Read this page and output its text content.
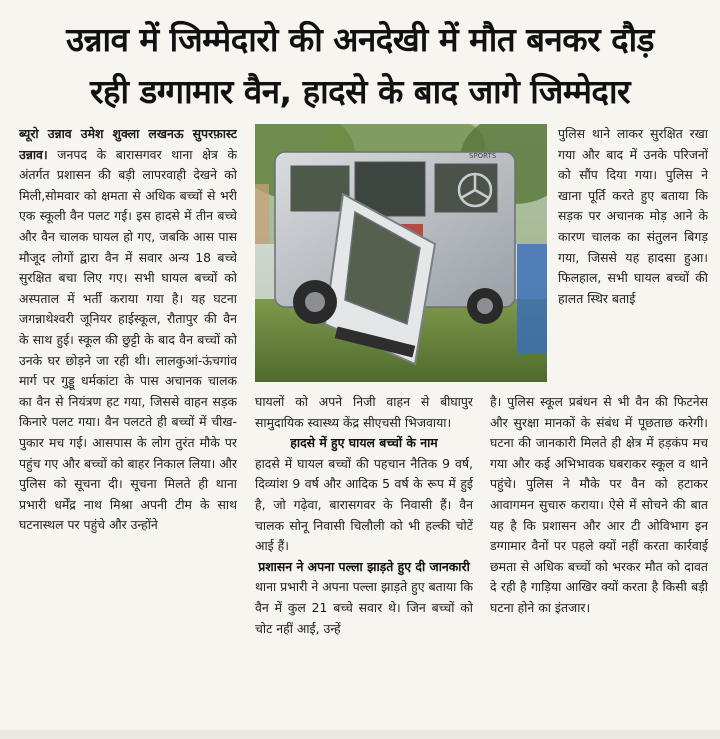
उन्नाव में जिम्मेदारो की अनदेखी में मौत बनकर दौड़
रही डग्गामार वैन, हादसे के बाद जागे जिम्मेदार

ब्यूरो उन्नाव उमेश शुक्ला लखनऊ सुपरफ़ास्ट उन्नाव। जनपद के बारासगवर थाना क्षेत्र के अंतर्गत प्रशासन की बड़ी लापरवाही देखने को मिली,सोमवार को क्षमता से अधिक बच्चों से भरी एक स्कूली वैन पलट गई। इस हादसे में तीन बच्चे और वैन चालक घायल हो गए, जबकि आस पास मौजूद लोगों द्वारा वैन में सवार अन्य 18 बच्चे सुरक्षित बचा लिए गए। सभी घायल बच्चों को अस्पताल में भर्ती कराया गया है। यह घटना जगन्नाथेश्वरी जूनियर हाईस्कूल, रौतापुर की वैन के साथ हुई। स्कूल की छुट्टी के बाद वैन बच्चों को उनके घर छोड़ने जा रही थी। लालकुआं-ऊंचगांव मार्ग पर गुड्डू धर्मकांटा के पास अचानक चालक का वैन से नियंत्रण हट गया, जिससे वाहन सड़क किनारे पलट गया। वैन पलटते ही बच्चों में चीख-पुकार मच गई। आसपास के लोग तुरंत मौके पर पहुंच गए और बच्चों को बाहर निकाल लिया। और पुलिस को सूचना दी। सूचना मिलते ही थाना प्रभारी धर्मेंद्र नाथ मिश्रा अपनी टीम के साथ घटनास्थल पर पहुंचे और उन्होंने

SPORTS

घायलों को अपने निजी वाहन से बीघापुर सामुदायिक स्वास्थ्य केंद्र सीएचसी भिजवाया।

हादसे में हुए घायल बच्चों के नाम

हादसे में घायल बच्चों की पहचान नैतिक 9 वर्ष, दिव्यांश 9 वर्ष और आदिक 5 वर्ष के रूप में हुई है, जो गढ़ेवा, बारासगवर के निवासी हैं। वैन चालक सोनू निवासी चिलौली को भी हल्की चोटें आई हैं।

प्रशासन ने अपना पल्ला झाड़ते हुए दी जानकारी

थाना प्रभारी ने अपना पल्ला झाड़ते हुए बताया कि वैन में कुल 21 बच्चे सवार थे। जिन बच्चों को चोट नहीं आई, उन्हें

पुलिस थाने लाकर सुरक्षित रखा गया और बाद में उनके परिजनों को सौंप दिया गया। पुलिस ने खाना पूर्ति करते हुए बताया कि सड़क पर अचानक मोड़ आने के कारण चालक का संतुलन बिगड़ गया, जिससे यह हादसा हुआ। फिलहाल, सभी घायल बच्चों की हालत स्थिर बताई

है। पुलिस स्कूल प्रबंधन से भी वैन की फिटनेस और सुरक्षा मानकों के संबंध में पूछताछ करेगी। घटना की जानकारी मिलते ही क्षेत्र में हड़कंप मच गया और कई अभिभावक घबराकर स्कूल व थाने पहुंचे। पुलिस ने मौके पर वैन को हटाकर आवागमन सुचारु कराया। ऐसे में सोचने की बात यह है कि प्रशासन और आर टी ओविभाग इन डग्गामार वैनों पर पहले क्यों नहीं करता कार्रवाई छमता से अधिक बच्चों को भरकर मौत को दावत दे रही है गाड़िया आखिर क्यों करता है किसी बड़ी घटना होने का इंतजार।
